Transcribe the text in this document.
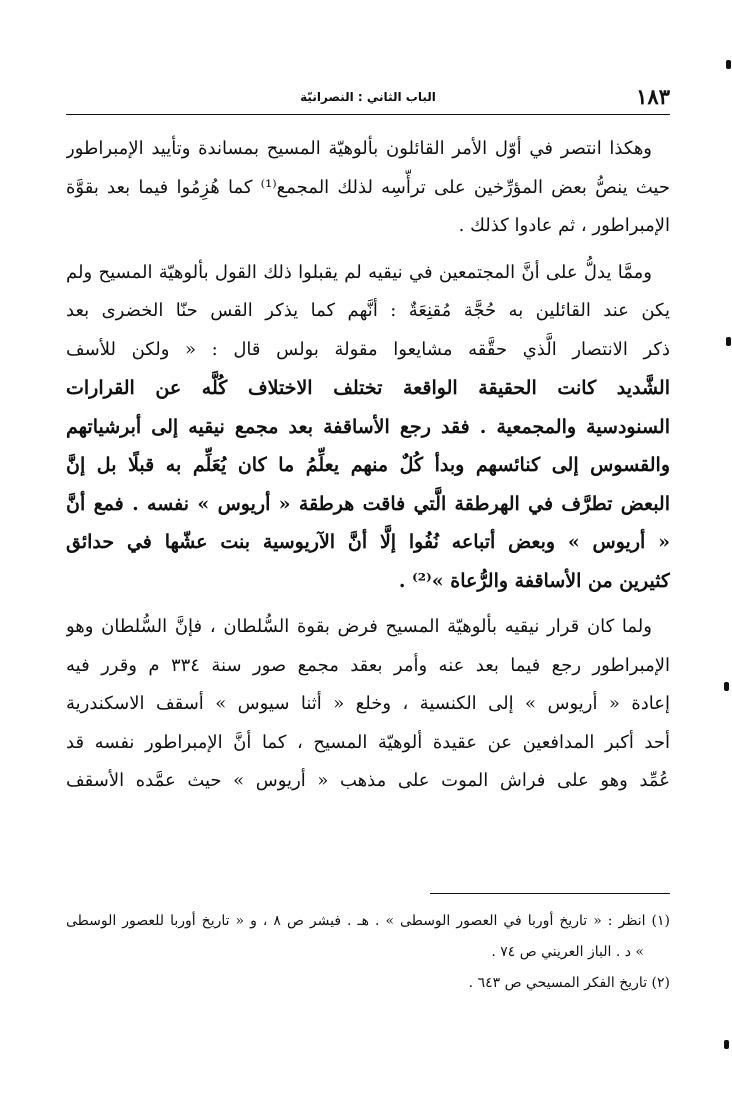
١٨٣
الباب الثاني : النصرانيّة
وهكذا انتصر في أوّل الأمر القائلون بألوهيّة المسيح بمساندة وتأييد الإمبراطور
حيث ينصُّ بعض المؤرِّخين على ترأُّسِه لذلك المجمع⁽¹⁾ كما هُزِمُوا فيما بعد بقوَّة
الإمبراطور ، ثم عادوا كذلك .
وممَّا يدلُّ على أنَّ المجتمعين في نيقيه لم يقبلوا ذلك القول بألوهيّة المسيح ولم
يكن عند القائلين به حُجَّة مُقنِعَةٌ : أنَّهم كما يذكر القس حنّا الخضرى بعد
ذكر الانتصار الَّذي حقَّقه مشايعوا مقولة بولس قال : « ولكن للأسف
الشَّديد كانت الحقيقة الواقعة تختلف الاختلاف كُلَّه عن القرارات
السنودسية والمجمعية . فقد رجع الأساقفة بعد مجمع نيقيه إلى أبرشياتهم
والقسوس إلى كنائسهم وبدأ كُلٌ منهم يعلِّمُ ما كان يُعَلِّم به قبلًا بل إنَّ
البعض تطرَّف في الهرطقة الَّتي فاقت هرطقة « أريوس » نفسه . فمع أنَّ
« أريوس » وبعض أتباعه نُفُوا إلَّا أنَّ الآريوسية بنت عشّها في حدائق
كثيرين من الأساقفة والرُّعاة »⁽²⁾ .
ولما كان قرار نيقيه بألوهيّة المسيح فرض بقوة السُّلطان ، فإنَّ السُّلطان وهو
الإمبراطور رجع فيما بعد عنه وأمر بعقد مجمع صور سنة ٣٣٤ م وقرر فيه
إعادة « أريوس » إلى الكنسية ، وخلع « أثنا سيوس » أسقف الاسكندرية
أحد أكبر المدافعين عن عقيدة ألوهيّة المسيح ، كما أنَّ الإمبراطور نفسه قد
عُمِّد وهو على فراش الموت على مذهب « أريوس » حيث عمَّده الأسقف
(١) انظر : « تاريخ أوربا في العصور الوسطى » . هـ . فيشر ص ٨ ، و « تاريخ أوربا للعصور الوسطى
» د . الباز العريني ص ٧٤ .
(٢) تاريخ الفكر المسيحي ص ٦٤٣ .
